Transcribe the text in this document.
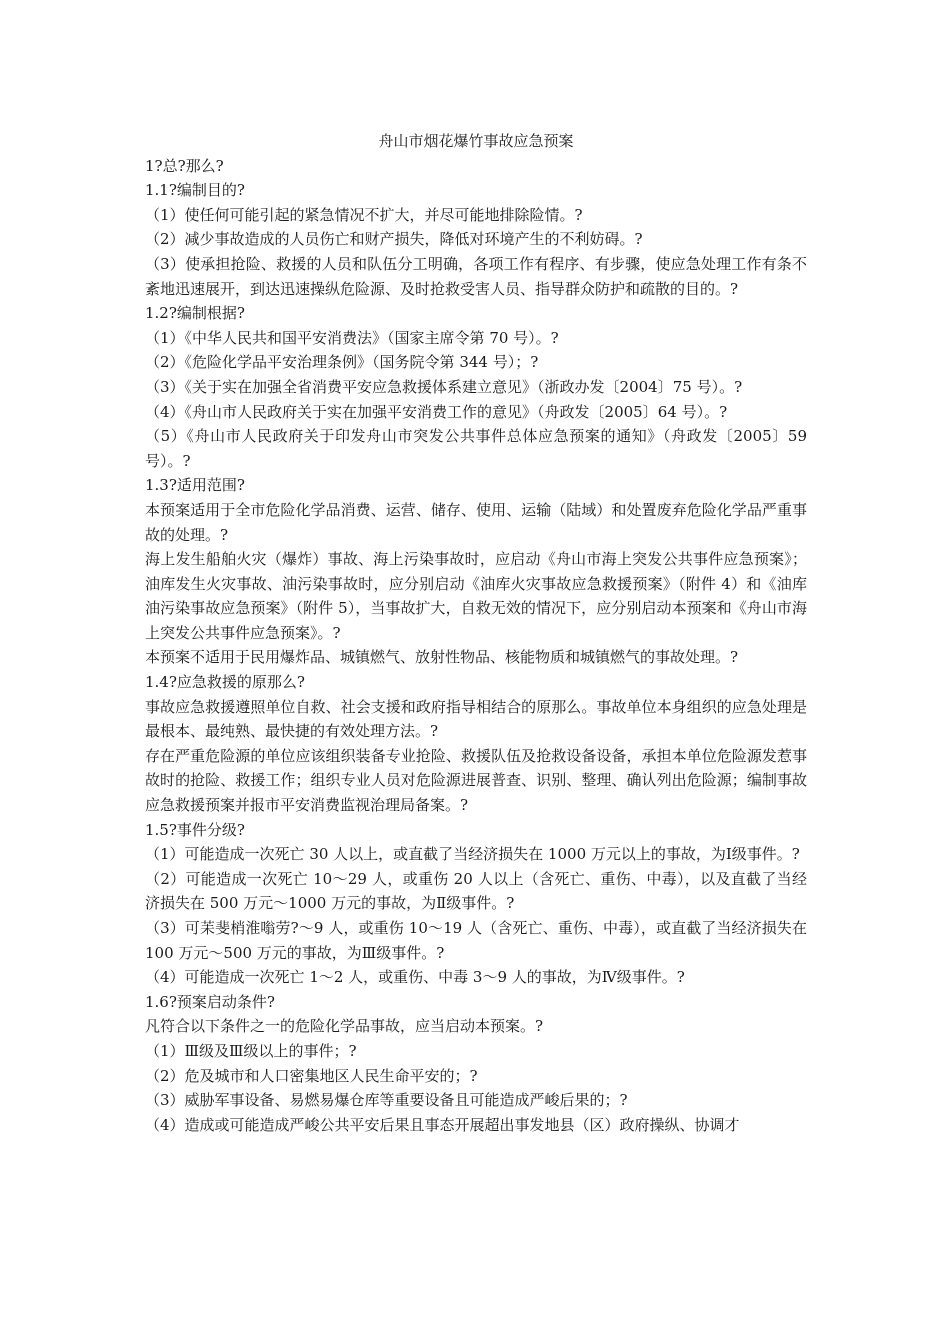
舟山市烟花爆竹事故应急预案

1?总?那么?

1.1?编制目的?

（1）使任何可能引起的紧急情况不扩大，并尽可能地排除险情。?

（2）减少事故造成的人员伤亡和财产损失，降低对环境产生的不利妨碍。?

（3）使承担抢险、救援的人员和队伍分工明确，各项工作有程序、有步骤，使应急处理工作有条不紊地迅速展开，到达迅速操纵危险源、及时抢救受害人员、指导群众防护和疏散的目的。?

1.2?编制根据?

（1）《中华人民共和国平安消费法》（国家主席令第 70 号）。?

（2）《危险化学品平安治理条例》（国务院令第 344 号）；?

（3）《关于实在加强全省消费平安应急救援体系建立意见》（浙政办发〔2004〕75 号）。?

（4）《舟山市人民政府关于实在加强平安消费工作的意见》（舟政发〔2005〕64 号）。?

（5）《舟山市人民政府关于印发舟山市突发公共事件总体应急预案的通知》（舟政发〔2005〕59 号）。?

1.3?适用范围?

本预案适用于全市危险化学品消费、运营、储存、使用、运输（陆域）和处置废弃危险化学品严重事故的处理。?

海上发生船舶火灾（爆炸）事故、海上污染事故时，应启动《舟山市海上突发公共事件应急预案》；油库发生火灾事故、油污染事故时，应分别启动《油库火灾事故应急救援预案》（附件 4）和《油库油污染事故应急预案》（附件 5），当事故扩大，自救无效的情况下，应分别启动本预案和《舟山市海上突发公共事件应急预案》。?

本预案不适用于民用爆炸品、城镇燃气、放射性物品、核能物质和城镇燃气的事故处理。?

1.4?应急救援的原那么?

事故应急救援遵照单位自救、社会支援和政府指导相结合的原那么。事故单位本身组织的应急处理是最根本、最纯熟、最快捷的有效处理方法。?

存在严重危险源的单位应该组织装备专业抢险、救援队伍及抢救设备设备，承担本单位危险源发惹事故时的抢险、救援工作；组织专业人员对危险源进展普查、识别、整理、确认列出危险源；编制事故应急救援预案并报市平安消费监视治理局备案。?

1.5?事件分级?

（1）可能造成一次死亡 30 人以上，或直截了当经济损失在 1000 万元以上的事故，为Ⅰ级事件。?

（2）可能造成一次死亡 10～29 人，或重伤 20 人以上（含死亡、重伤、中毒），以及直截了当经济损失在 500 万元～1000 万元的事故，为Ⅱ级事件。?

（3）可苿斐梢淮嗡劳?～9 人，或重伤 10～19 人（含死亡、重伤、中毒），或直截了当经济损失在 100 万元～500 万元的事故，为Ⅲ级事件。?

（4）可能造成一次死亡 1～2 人，或重伤、中毒 3～9 人的事故，为Ⅳ级事件。?

1.6?预案启动条件?

凡符合以下条件之一的危险化学品事故，应当启动本预案。?

（1）Ⅲ级及Ⅲ级以上的事件；?

（2）危及城市和人口密集地区人民生命平安的；?

（3）威胁军事设备、易燃易爆仓库等重要设备且可能造成严峻后果的；?

（4）造成或可能造成严峻公共平安后果且事态开展超出事发地县（区）政府操纵、协调才
